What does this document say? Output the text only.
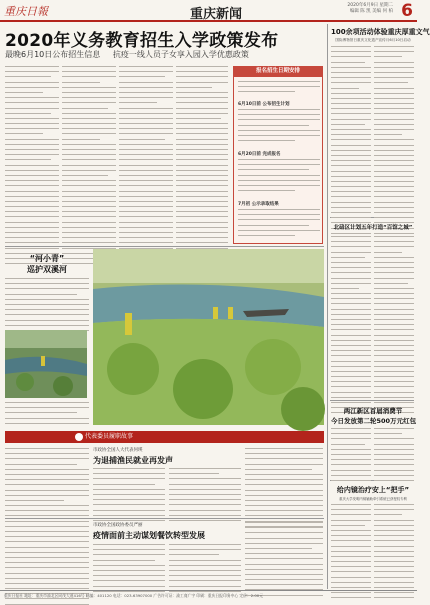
重庆日報	重庆新闻
2020年6月9日 星期二
编辑 陈 凯 美编 何 柏 6
2020年义务教育招生入学政策发布
最晚6月10日公布招生信息 抗疫一线人员子女享入园入学优惠政策
报名招生日期安排
6月10日前 公布招生计划
6月20日前 完成报名
7月初 公示录取结果
100余项活动体验重庆厚重文气
国际博物馆日重庆文化遗产宣传月6月10日启动
北碚区计划五年打造“百馆之城”
两江新区首届消费节
今日发放第二轮500万元红包
给内镜治疗安上“把手”
重庆大学发明内镜辅助牵引系统已获授权专利
“河小青”
巡护双溪河
代表委员履职故事
市政协全国人大代表何瑛
为退捕渔民就业再发声
市政协全国政协委员严丽
疫情面前主动谋划餐饮转型发展
重庆日报社 地址：重庆市渝北区同茂大道416号 邮编：401120 电话：023-63907000 广告许可证：渝工商广字 印刷：重庆日报印务中心 定价：2.00元
